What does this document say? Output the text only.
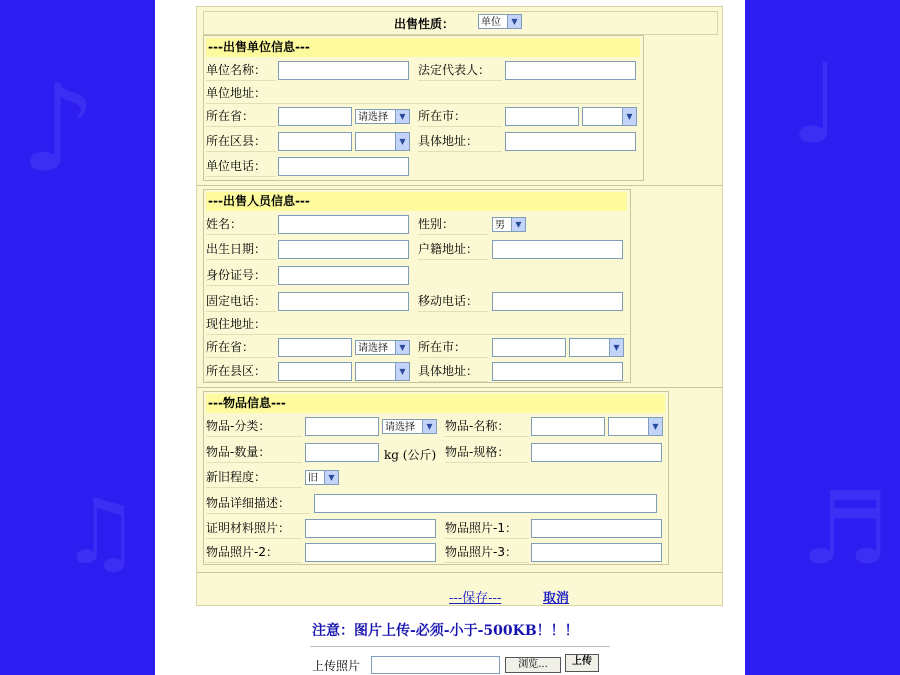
♪
♫
♩
♬
出售性质：	单位	▼
---出售单位信息---
单位名称：	法定代表人：
单位地址：
所在省：	请选择	▼ 所在市：	▼
所在区县：	▼ 具体地址：
单位电话：
---出售人员信息---
姓名：	性别：	男	▼
出生日期：	户籍地址：
身份证号：
固定电话：	移动电话：
现住地址：
所在省：	请选择	▼ 所在市：	▼
所在县区：	▼ 具体地址：
---物品信息---
物品-分类：	请选择	▼ 物品-名称：	▼
物品-数量：	kg (公斤) 物品-规格：
新旧程度：	旧	▼
物品详细描述：
证明材料照片：	物品照片-1：
物品照片-2：	物品照片-3：
---保存---	取消
注意：图片上传-必须-小于-500KB！！！
上传照片	浏览...	上传
